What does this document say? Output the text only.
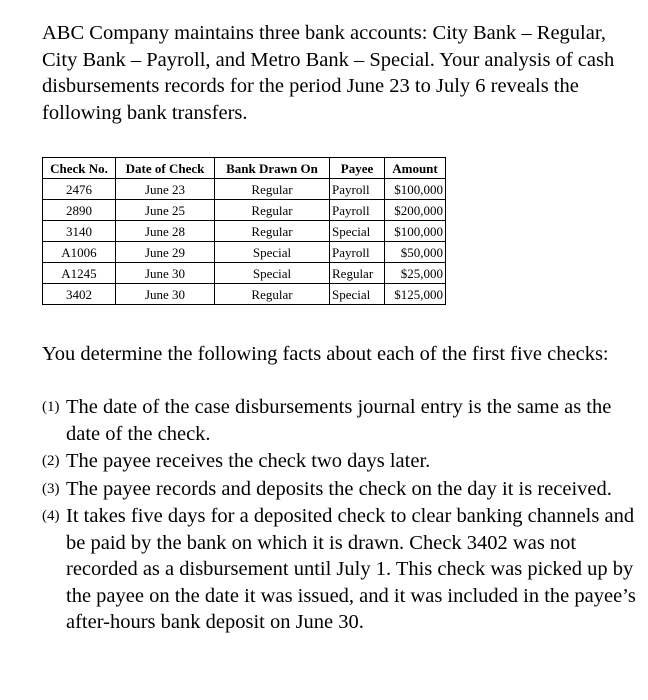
ABC Company maintains three bank accounts: City Bank – Regular, City Bank – Payroll, and Metro Bank – Special. Your analysis of cash disbursements records for the period June 23 to July 6 reveals the following bank transfers.

Check No.	Date of Check	Bank Drawn On	Payee	Amount
2476	June 23	Regular	Payroll	$100,000
2890	June 25	Regular	Payroll	$200,000
3140	June 28	Regular	Special	$100,000
A1006	June 29	Special	Payroll	$50,000
A1245	June 30	Special	Regular	$25,000
3402	June 30	Regular	Special	$125,000

You determine the following facts about each of the first five checks:

(1) The date of the case disbursements journal entry is the same as the date of the check.
(2) The payee receives the check two days later.
(3) The payee records and deposits the check on the day it is received.
(4) It takes five days for a deposited check to clear banking channels and be paid by the bank on which it is drawn. Check 3402 was not recorded as a disbursement until July 1. This check was picked up by the payee on the date it was issued, and it was included in the payee’s after-hours bank deposit on June 30.
